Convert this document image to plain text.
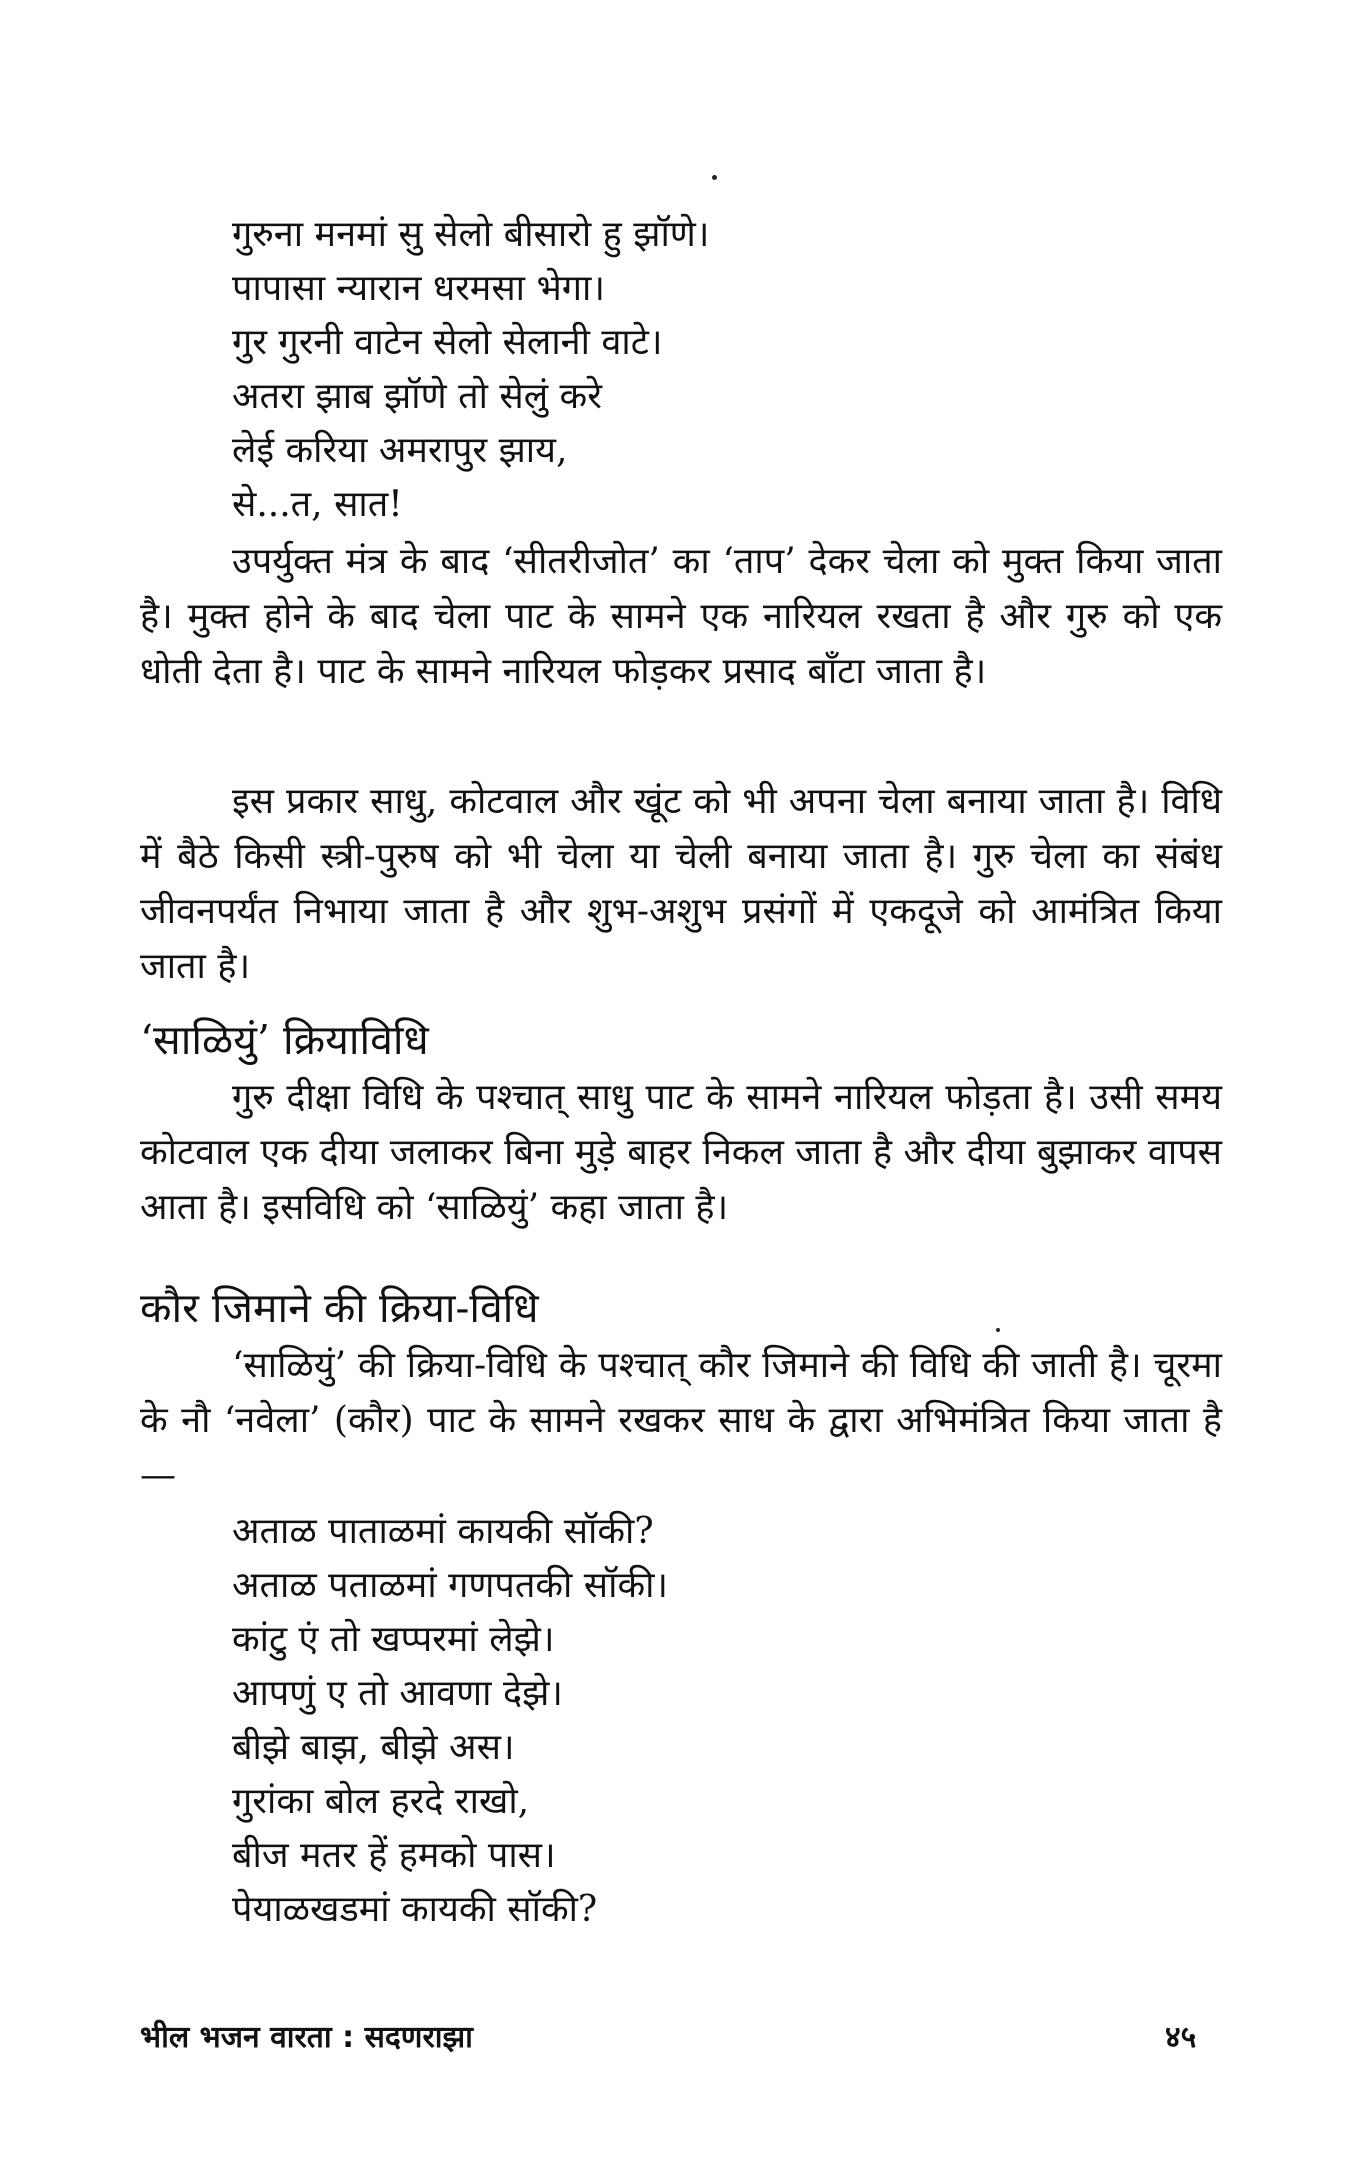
गुरुना मनमां सु सेलो बीसारो हु झॉणे।
पापासा न्यारान धरमसा भेगा।
गुर गुरनी वाटेन सेलो सेलानी वाटे।
अतरा झाब झॉणे तो सेलुं करे
लेई करिया अमरापुर झाय,
से...त, सात!

उपर्युक्त मंत्र के बाद ‘सीतरीजोत’ का ‘ताप’ देकर चेला को मुक्त किया जाता है। मुक्त होने के बाद चेला पाट के सामने एक नारियल रखता है और गुरु को एक धोती देता है। पाट के सामने नारियल फोड़कर प्रसाद बाँटा जाता है।

इस प्रकार साधु, कोटवाल और खूंट को भी अपना चेला बनाया जाता है। विधि में बैठे किसी स्त्री-पुरुष को भी चेला या चेली बनाया जाता है। गुरु चेला का संबंध जीवनपर्यंत निभाया जाता है और शुभ-अशुभ प्रसंगों में एकदूजे को आमंत्रित किया जाता है।

‘साळियुं’ क्रियाविधि

गुरु दीक्षा विधि के पश्चात् साधु पाट के सामने नारियल फोड़ता है। उसी समय कोटवाल एक दीया जलाकर बिना मुड़े बाहर निकल जाता है और दीया बुझाकर वापस आता है। इसविधि को ‘साळियुं’ कहा जाता है।

कौर जिमाने की क्रिया-विधि

‘साळियुं’ की क्रिया-विधि के पश्चात् कौर जिमाने की विधि की जाती है। चूरमा के नौ ‘नवेला’ (कौर) पाट के सामने रखकर साध के द्वारा अभिमंत्रित किया जाता है —

अताळ पाताळमां कायकी सॉकी?
अताळ पताळमां गणपतकी सॉकी।
कांटु एं तो खप्परमां लेझे।
आपणुं ए तो आवणा देझे।
बीझे बाझ, बीझे अस।
गुरांका बोल हरदे राखो,
बीज मतर हें हमको पास।
पेयाळखडमां कायकी सॉकी?
भील भजन वारता : सदणराझा	४५
